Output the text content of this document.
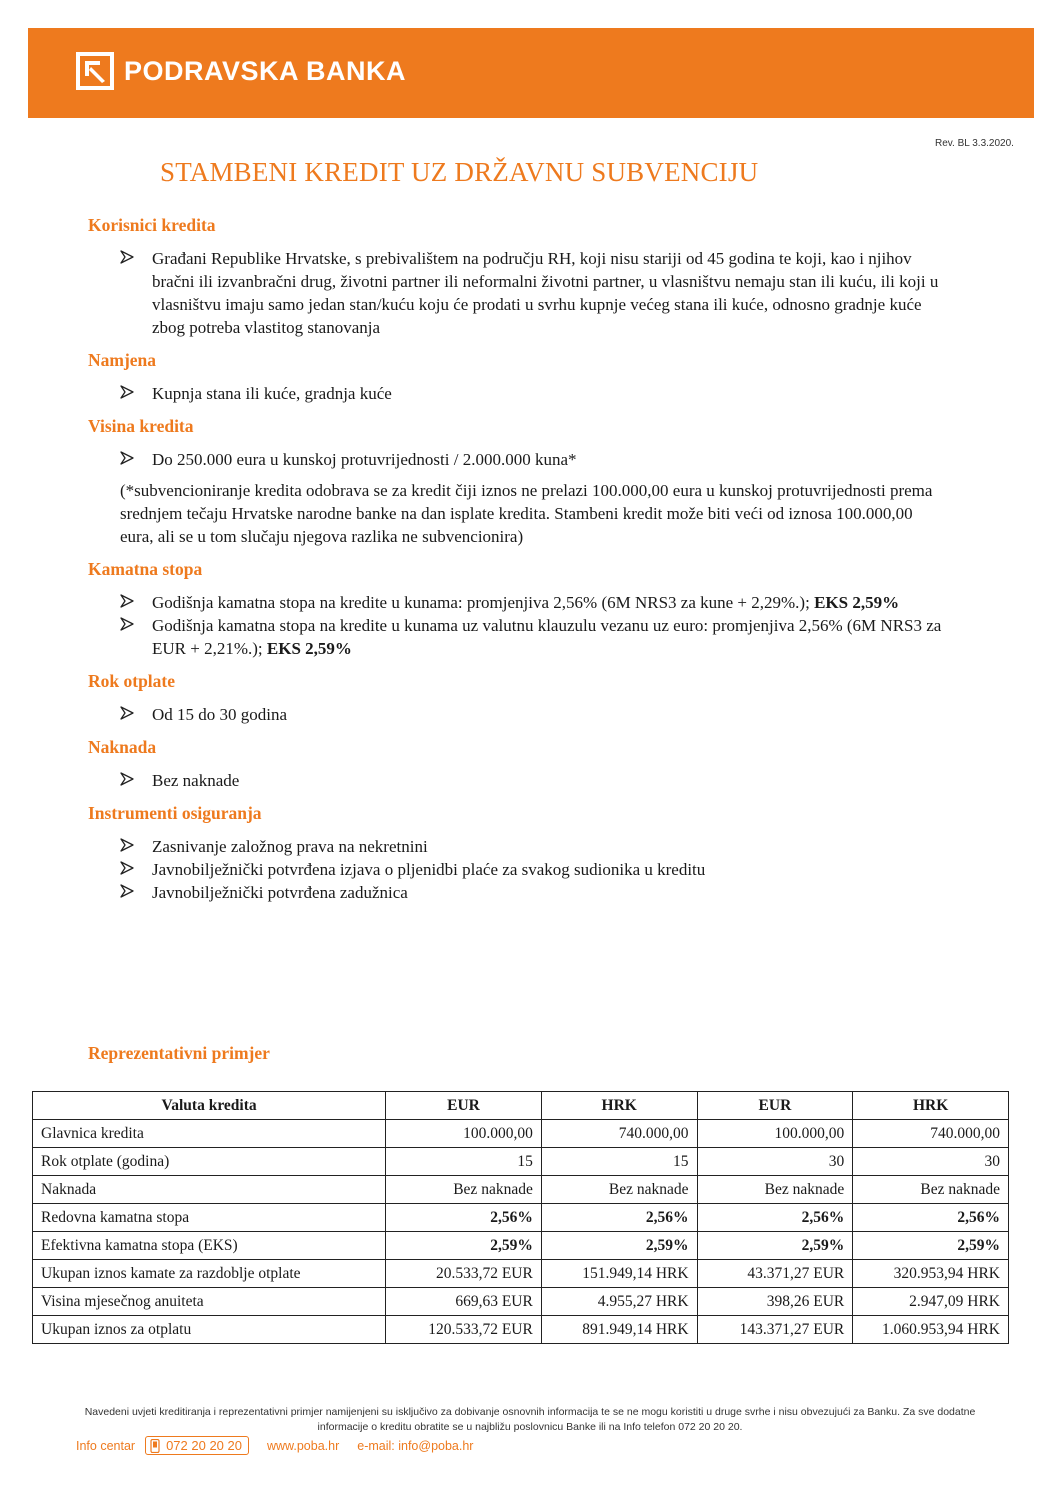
PODRAVSKA BANKA
Rev. BL 3.3.2020.
STAMBENI KREDIT UZ DRŽAVNU SUBVENCIJU
Korisnici kredita
Građani Republike Hrvatske, s prebivalištem na području RH, koji nisu stariji od 45 godina te koji, kao i njihov bračni ili izvanbračni drug, životni partner ili neformalni životni partner, u vlasništvu nemaju stan ili kuću, ili koji u vlasništvu imaju samo jedan stan/kuću koju će prodati u svrhu kupnje većeg stana ili kuće, odnosno gradnje kuće zbog potreba vlastitog stanovanja
Namjena
Kupnja stana ili kuće, gradnja kuće
Visina kredita
Do 250.000 eura u kunskoj protuvrijednosti / 2.000.000 kuna*
(*subvencioniranje kredita odobrava se za kredit čiji iznos ne prelazi 100.000,00 eura u kunskoj protuvrijednosti prema srednjem tečaju Hrvatske narodne banke na dan isplate kredita. Stambeni kredit može biti veći od iznosa 100.000,00 eura, ali se u tom slučaju njegova razlika ne subvencionira)
Kamatna stopa
Godišnja kamatna stopa na kredite u kunama: promjenjiva 2,56% (6M NRS3 za kune + 2,29%.); EKS 2,59%
Godišnja kamatna stopa na kredite u kunama uz valutnu klauzulu vezanu uz euro: promjenjiva 2,56% (6M NRS3 za EUR + 2,21%.); EKS 2,59%
Rok otplate
Od 15 do 30 godina
Naknada
Bez naknade
Instrumenti osiguranja
Zasnivanje založnog prava na nekretnini
Javnobilježnički potvrđena izjava o pljenidbi plaće za svakog sudionika u kreditu
Javnobilježnički potvrđena zadužnica
Reprezentativni primjer
Valuta kredita	EUR	HRK	EUR	HRK
Glavnica kredita	100.000,00	740.000,00	100.000,00	740.000,00
Rok otplate (godina)	15	15	30	30
Naknada	Bez naknade	Bez naknade	Bez naknade	Bez naknade
Redovna kamatna stopa	2,56%	2,56%	2,56%	2,56%
Efektivna kamatna stopa (EKS)	2,59%	2,59%	2,59%	2,59%
Ukupan iznos kamate za razdoblje otplate	20.533,72 EUR	151.949,14 HRK	43.371,27 EUR	320.953,94 HRK
Visina mjesečnog anuiteta	669,63 EUR	4.955,27 HRK	398,26 EUR	2.947,09 HRK
Ukupan iznos za otplatu	120.533,72 EUR	891.949,14 HRK	143.371,27 EUR	1.060.953,94 HRK
Navedeni uvjeti kreditiranja i reprezentativni primjer namijenjeni su isključivo za dobivanje osnovnih informacija te se ne mogu koristiti u druge svrhe i nisu obvezujući za Banku. Za sve dodatne informacije o kreditu obratite se u najbližu poslovnicu Banke ili na Info telefon 072 20 20 20.
Info centar 072 20 20 20 www.poba.hr e-mail: info@poba.hr
